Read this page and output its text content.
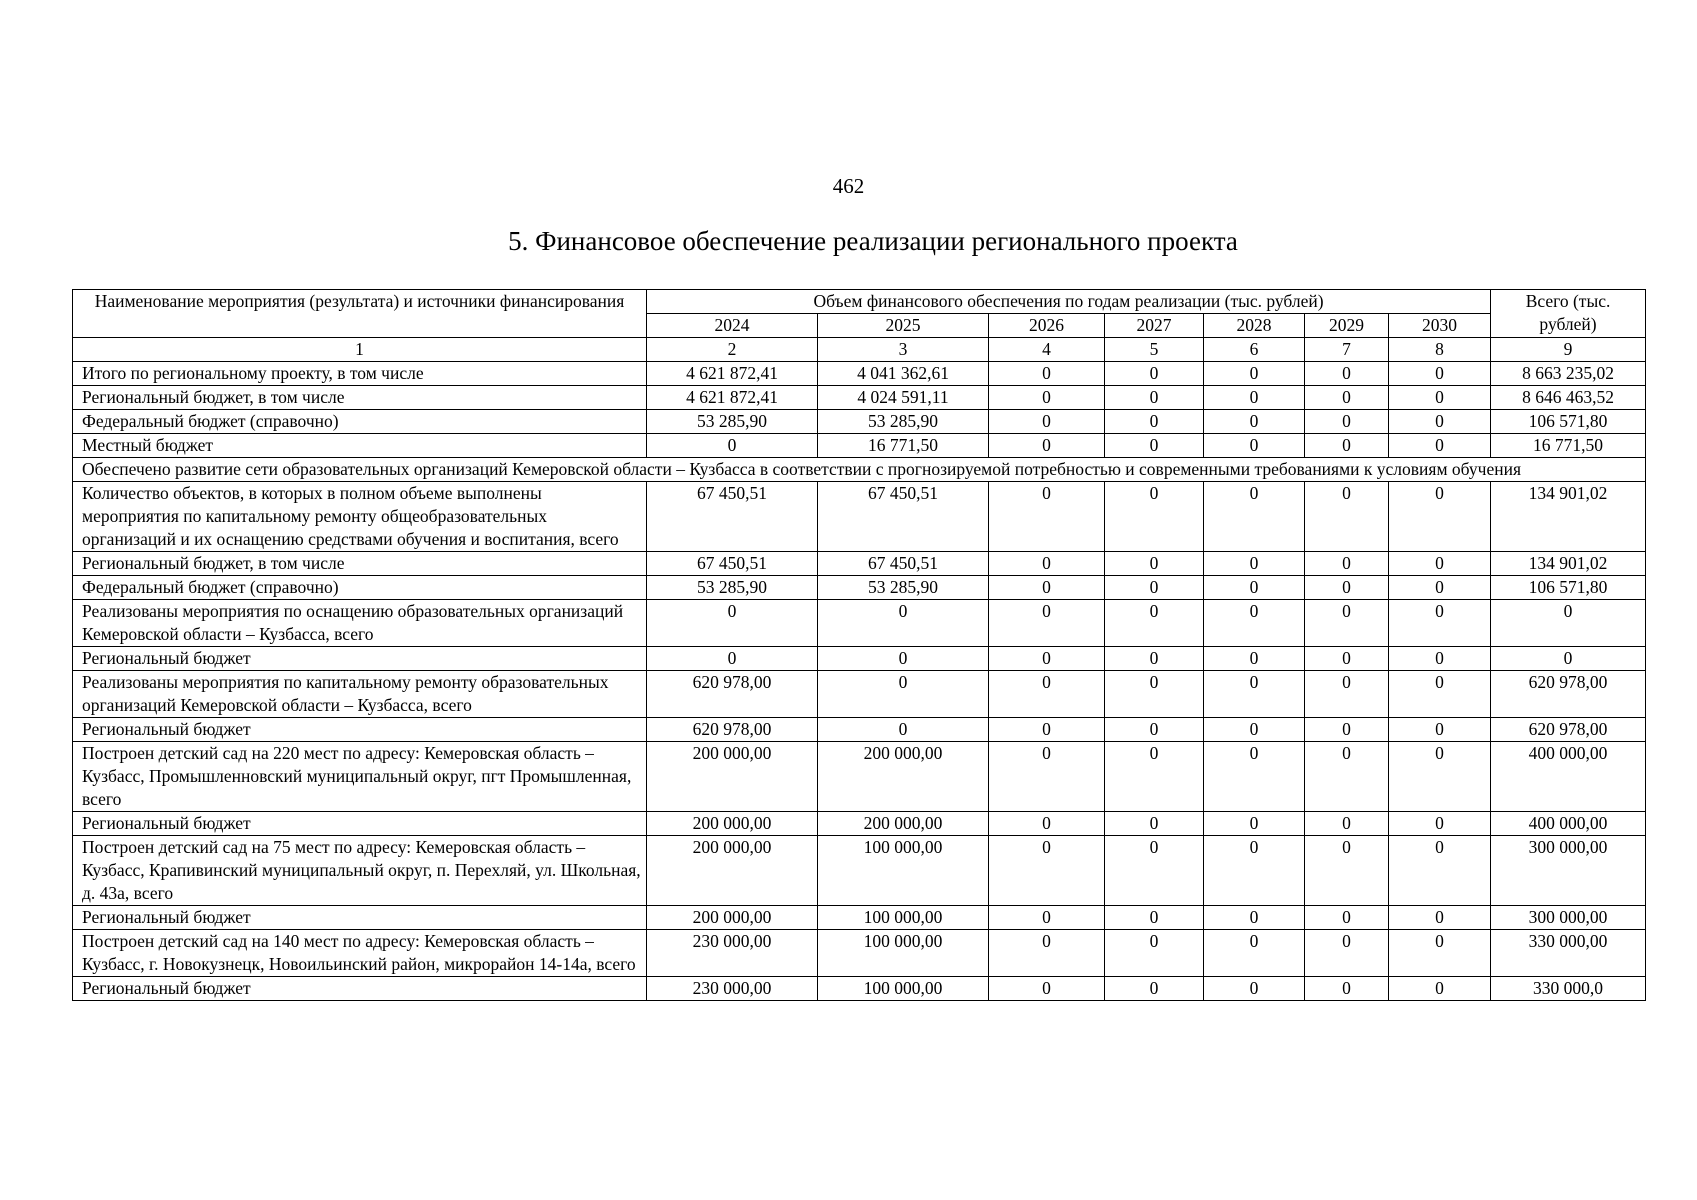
462
5. Финансовое обеспечение реализации регионального проекта
Наименование мероприятия (результата) и источники финансирования	Объем финансового обеспечения по годам реализации (тыс. рублей)							Всего (тыс. рублей)
	2024	2025	2026	2027	2028	2029	2030	
1	2	3	4	5	6	7	8	9
Итого по региональному проекту, в том числе	4 621 872,41	4 041 362,61	0	0	0	0	0	8 663 235,02
Региональный бюджет, в том числе	4 621 872,41	4 024 591,11	0	0	0	0	0	8 646 463,52
Федеральный бюджет (справочно)	53 285,90	53 285,90	0	0	0	0	0	106 571,80
Местный бюджет	0	16 771,50	0	0	0	0	0	16 771,50
Обеспечено развитие сети образовательных организаций Кемеровской области – Кузбасса в соответствии с прогнозируемой потребностью и современными требованиями к условиям обучения								
Количество объектов, в которых в полном объеме выполнены мероприятия по капитальному ремонту общеобразовательных организаций и их оснащению средствами обучения и воспитания, всего	67 450,51	67 450,51	0	0	0	0	0	134 901,02
Региональный бюджет, в том числе	67 450,51	67 450,51	0	0	0	0	0	134 901,02
Федеральный бюджет (справочно)	53 285,90	53 285,90	0	0	0	0	0	106 571,80
Реализованы мероприятия по оснащению образовательных организаций Кемеровской области – Кузбасса, всего	0	0	0	0	0	0	0	0
Региональный бюджет	0	0	0	0	0	0	0	0
Реализованы мероприятия по капитальному ремонту образовательных организаций Кемеровской области – Кузбасса, всего	620 978,00	0	0	0	0	0	0	620 978,00
Региональный бюджет	620 978,00	0	0	0	0	0	0	620 978,00
Построен детский сад на 220 мест по адресу: Кемеровская область – Кузбасс, Промышленновский муниципальный округ, пгт Промышленная, всего	200 000,00	200 000,00	0	0	0	0	0	400 000,00
Региональный бюджет	200 000,00	200 000,00	0	0	0	0	0	400 000,00
Построен детский сад на 75 мест по адресу: Кемеровская область – Кузбасс, Крапивинский муниципальный округ, п. Перехляй, ул. Школьная, д. 43а, всего	200 000,00	100 000,00	0	0	0	0	0	300 000,00
Региональный бюджет	200 000,00	100 000,00	0	0	0	0	0	300 000,00
Построен детский сад на 140 мест по адресу: Кемеровская область – Кузбасс, г. Новокузнецк, Новоильинский район, микрорайон 14-14а, всего	230 000,00	100 000,00	0	0	0	0	0	330 000,00
Региональный бюджет	230 000,00	100 000,00	0	0	0	0	0	330 000,0
